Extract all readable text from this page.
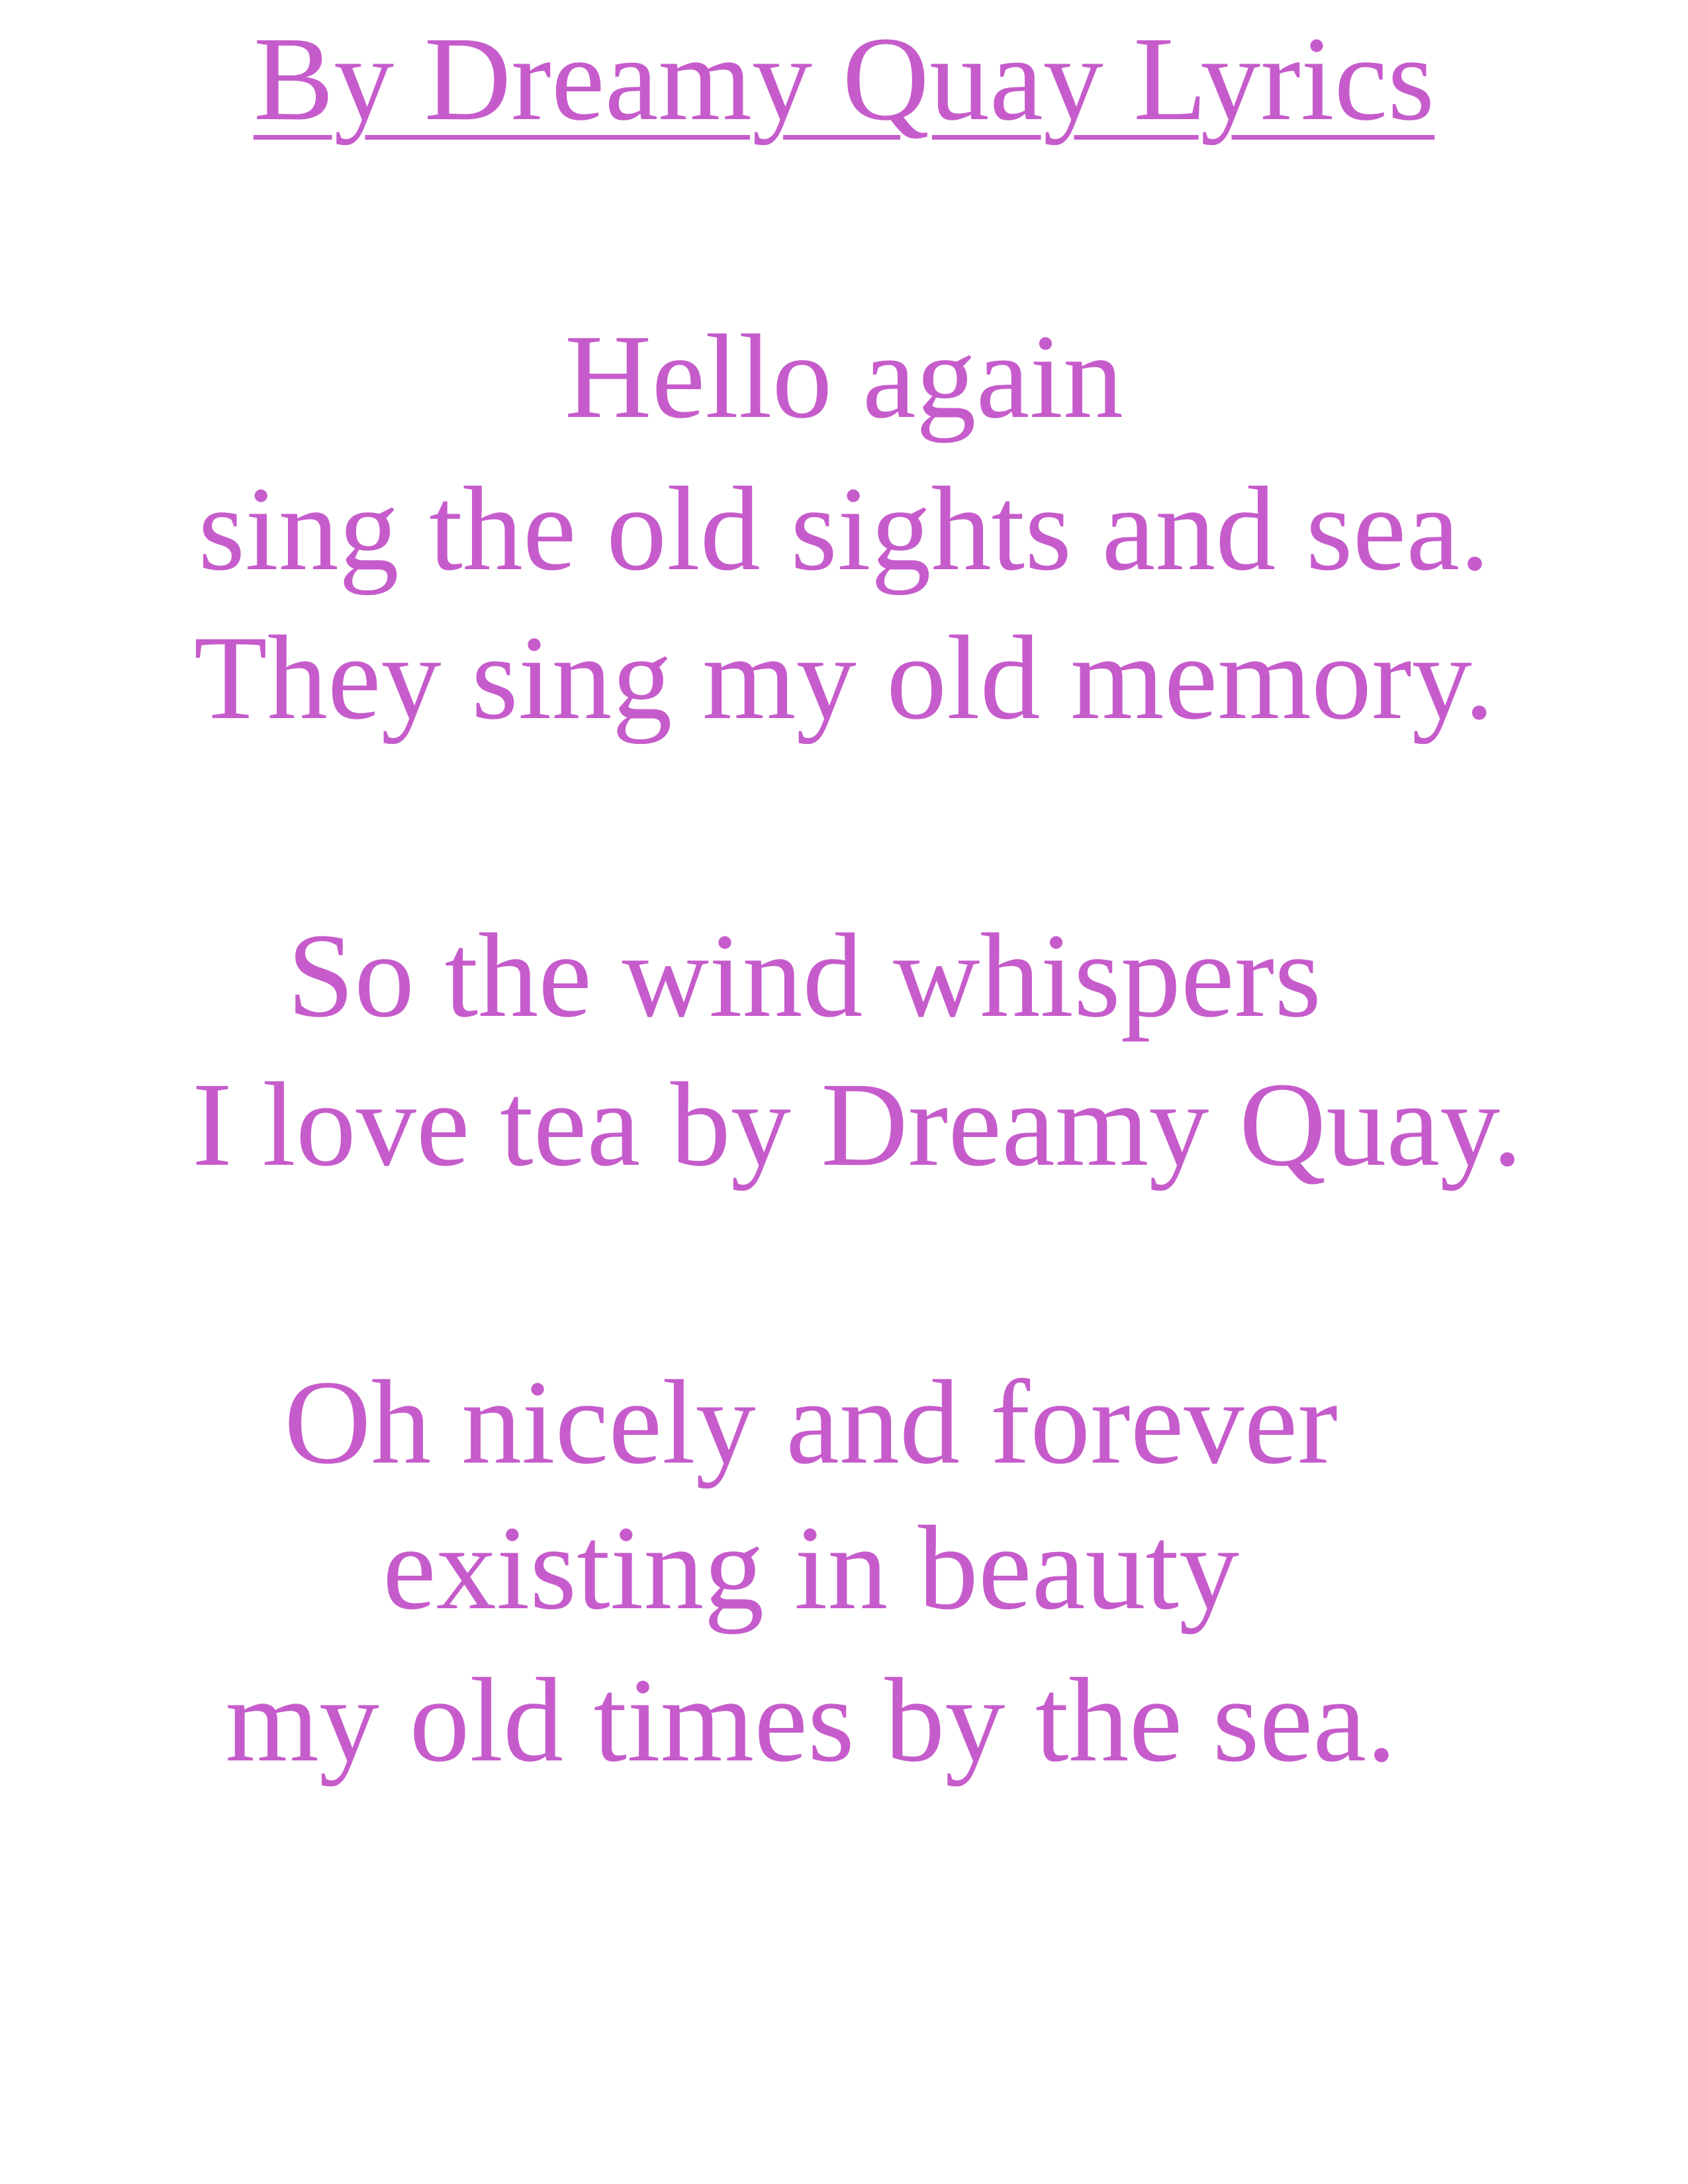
By Dreamy Quay Lyrics

Hello again

sing the old sights and sea.

They sing my old memory.

So the wind whispers

I love tea by Dreamy Quay.

Oh nicely and forever

existing in beauty

my old times by the sea.
